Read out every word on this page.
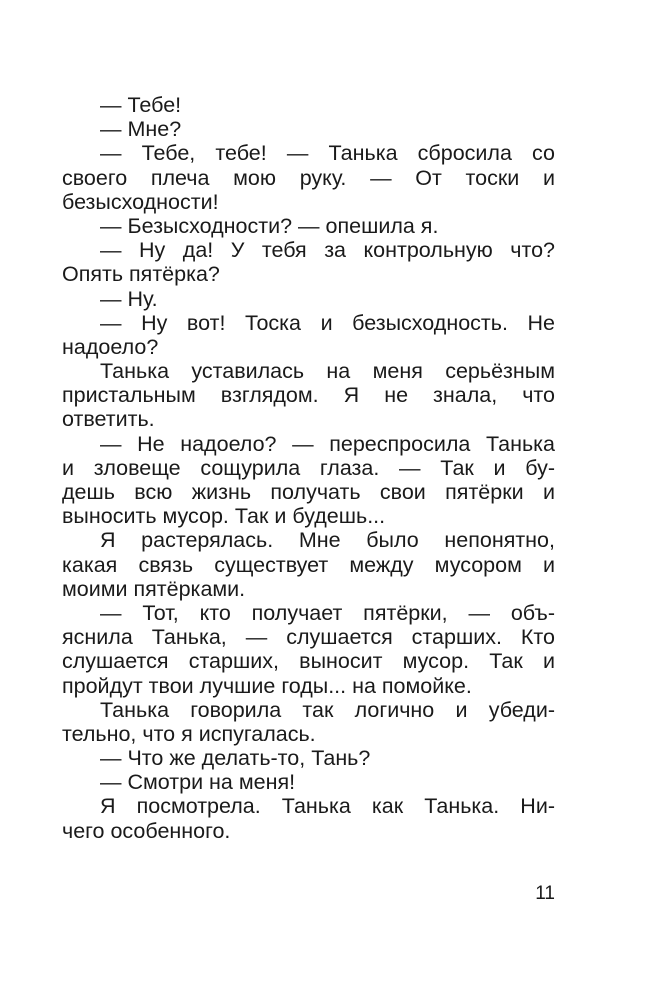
— Тебе!
— Мне?
— Тебе, тебе! — Танька сбросила со
своего плеча мою руку. — От тоски и
безысходности!
— Безысходности? — опешила я.
— Ну да! У тебя за контрольную что?
Опять пятёрка?
— Ну.
— Ну вот! Тоска и безысходность. Не
надоело?
Танька уставилась на меня серьёзным
пристальным взглядом. Я не знала, что
ответить.
— Не надоело? — переспросила Танька
и зловеще сощурила глаза. — Так и бу-
дешь всю жизнь получать свои пятёрки и
выносить мусор. Так и будешь...
Я растерялась. Мне было непонятно,
какая связь существует между мусором и
моими пятёрками.
— Тот, кто получает пятёрки, — объ-
яснила Танька, — слушается старших. Кто
слушается старших, выносит мусор. Так и
пройдут твои лучшие годы... на помойке.
Танька говорила так логично и убеди-
тельно, что я испугалась.
— Что же делать-то, Тань?
— Смотри на меня!
Я посмотрела. Танька как Танька. Ни-
чего особенного.
11
